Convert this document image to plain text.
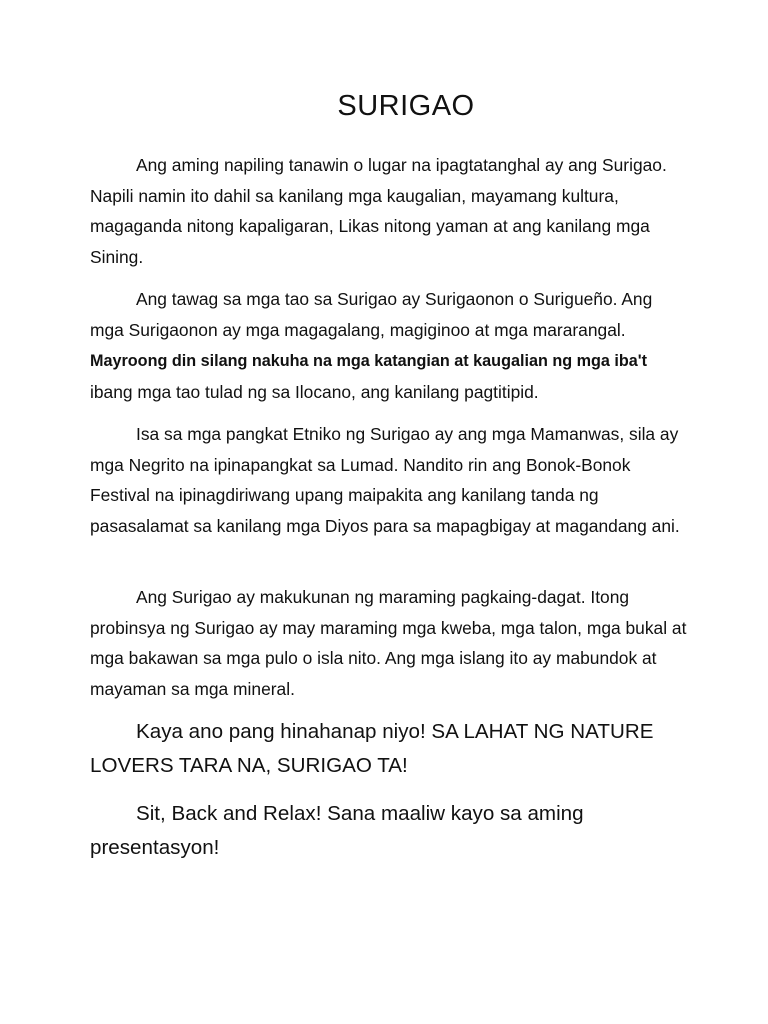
SURIGAO

Ang aming napiling tanawin o lugar na ipagtatanghal ay ang Surigao. Napili namin ito dahil sa kanilang mga kaugalian, mayamang kultura, magaganda nitong kapaligaran, Likas nitong yaman at ang kanilang mga Sining.

Ang tawag sa mga tao sa Surigao ay Surigaonon o Surigueño. Ang mga Surigaonon ay mga magagalang, magiginoo at mga mararangal. Mayroong din silang nakuha na mga katangian at kaugalian ng mga iba't ibang mga tao tulad ng sa Ilocano, ang kanilang pagtitipid.

Isa sa mga pangkat Etniko ng Surigao ay ang mga Mamanwas, sila ay mga Negrito na ipinapangkat sa Lumad. Nandito rin ang Bonok-Bonok Festival na ipinagdiriwang upang maipakita ang kanilang tanda ng pasasalamat sa kanilang mga Diyos para sa mapagbigay at magandang ani.

Ang Surigao ay makukunan ng maraming pagkaing-dagat. Itong probinsya ng Surigao ay may maraming mga kweba, mga talon, mga bukal at mga bakawan sa mga pulo o isla nito. Ang mga islang ito ay mabundok at mayaman sa mga mineral.

Kaya ano pang hinahanap niyo! SA LAHAT NG NATURE LOVERS TARA NA, SURIGAO TA!

Sit, Back and Relax! Sana maaliw kayo sa aming presentasyon!
